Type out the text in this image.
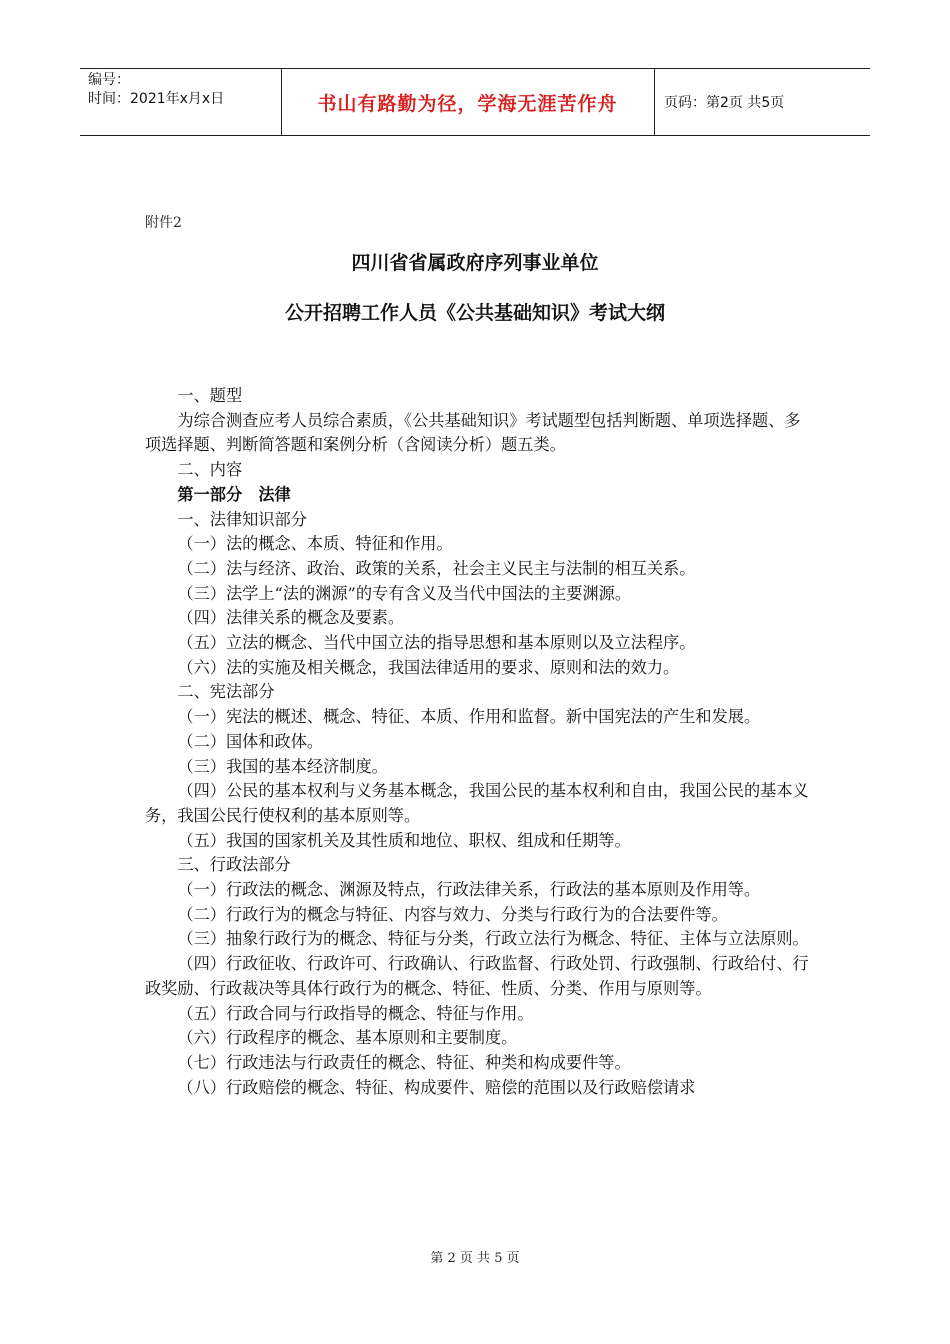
编号：
时间：2021年x月x日	书山有路勤为径，学海无涯苦作舟	页码：第2页 共5页
附件2
四川省省属政府序列事业单位
公开招聘工作人员《公共基础知识》考试大纲

一、题型

为综合测查应考人员综合素质，《公共基础知识》考试题型包括判断题、单项选择题、多项选择题、判断简答题和案例分析（含阅读分析）题五类。

二、内容

第一部分　法律

一、法律知识部分

（一）法的概念、本质、特征和作用。

（二）法与经济、政治、政策的关系，社会主义民主与法制的相互关系。

（三）法学上“法的渊源”的专有含义及当代中国法的主要渊源。

（四）法律关系的概念及要素。

（五）立法的概念、当代中国立法的指导思想和基本原则以及立法程序。

（六）法的实施及相关概念，我国法律适用的要求、原则和法的效力。

二、宪法部分

（一）宪法的概述、概念、特征、本质、作用和监督。新中国宪法的产生和发展。

（二）国体和政体。

（三）我国的基本经济制度。

（四）公民的基本权利与义务基本概念，我国公民的基本权利和自由，我国公民的基本义务，我国公民行使权利的基本原则等。

（五）我国的国家机关及其性质和地位、职权、组成和任期等。

三、行政法部分

（一）行政法的概念、渊源及特点，行政法律关系，行政法的基本原则及作用等。

（二）行政行为的概念与特征、内容与效力、分类与行政行为的合法要件等。

（三）抽象行政行为的概念、特征与分类，行政立法行为概念、特征、主体与立法原则。

（四）行政征收、行政许可、行政确认、行政监督、行政处罚、行政强制、行政给付、行政奖励、行政裁决等具体行政行为的概念、特征、性质、分类、作用与原则等。

（五）行政合同与行政指导的概念、特征与作用。

（六）行政程序的概念、基本原则和主要制度。

（七）行政违法与行政责任的概念、特征、种类和构成要件等。

（八）行政赔偿的概念、特征、构成要件、赔偿的范围以及行政赔偿请求

第 2 页 共 5 页
